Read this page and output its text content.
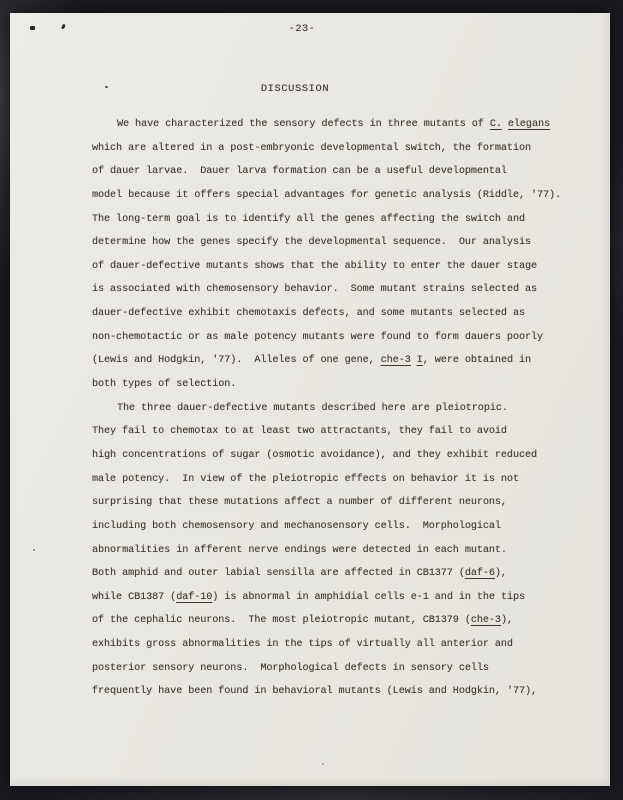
-23-
DISCUSSION
We have characterized the sensory defects in three mutants of C. elegans
which are altered in a post-embryonic developmental switch, the formation
of dauer larvae.  Dauer larva formation can be a useful developmental
model because it offers special advantages for genetic analysis (Riddle, '77).
The long-term goal is to identify all the genes affecting the switch and
determine how the genes specify the developmental sequence.  Our analysis
of dauer-defective mutants shows that the ability to enter the dauer stage
is associated with chemosensory behavior.  Some mutant strains selected as
dauer-defective exhibit chemotaxis defects, and some mutants selected as
non-chemotactic or as male potency mutants were found to form dauers poorly
(Lewis and Hodgkin, '77).  Alleles of one gene, che-3 I, were obtained in
both types of selection.
The three dauer-defective mutants described here are pleiotropic.
They fail to chemotax to at least two attractants, they fail to avoid
high concentrations of sugar (osmotic avoidance), and they exhibit reduced
male potency.  In view of the pleiotropic effects on behavior it is not
surprising that these mutations affect a number of different neurons,
including both chemosensory and mechanosensory cells.  Morphological
abnormalities in afferent nerve endings were detected in each mutant.
Both amphid and outer labial sensilla are affected in CB1377 (daf-6),
while CB1387 (daf-10) is abnormal in amphidial cells e-1 and in the tips
of the cephalic neurons.  The most pleiotropic mutant, CB1379 (che-3),
exhibits gross abnormalities in the tips of virtually all anterior and
posterior sensory neurons.  Morphological defects in sensory cells
frequently have been found in behavioral mutants (Lewis and Hodgkin, '77),
